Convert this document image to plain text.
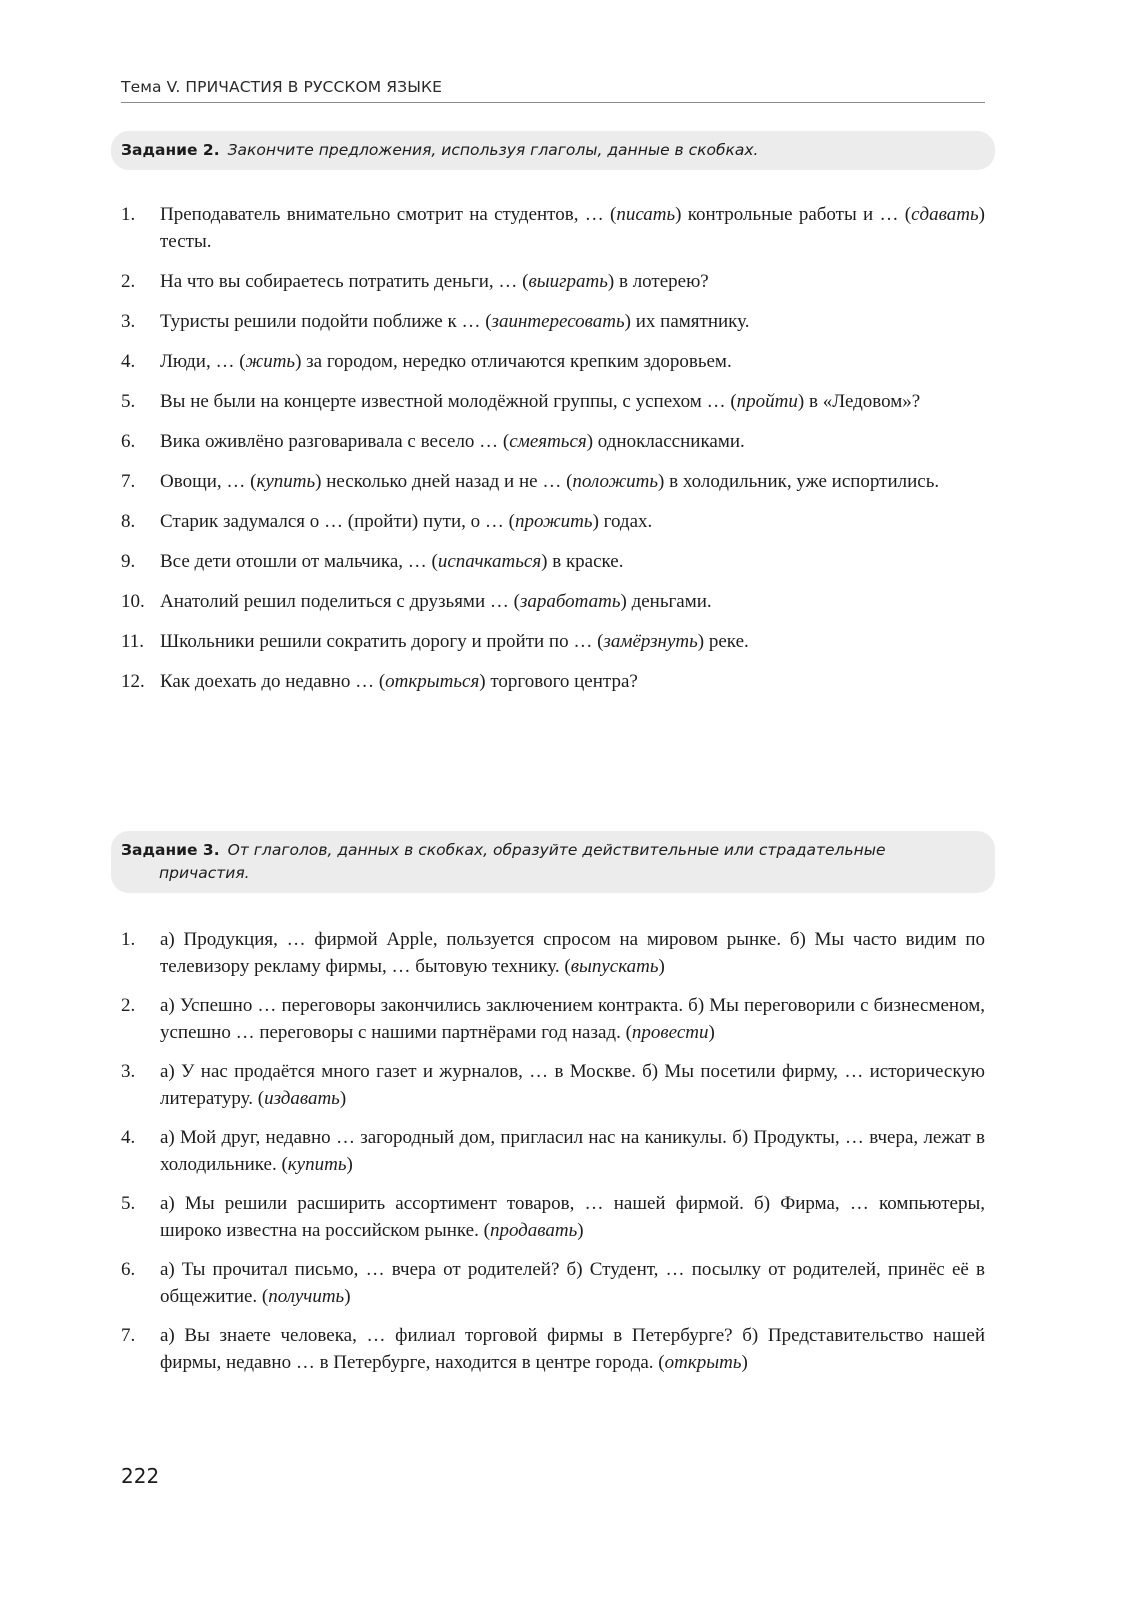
Тема V. ПРИЧАСТИЯ В РУССКОМ ЯЗЫКЕ
Задание 2. Закончите предложения, используя глаголы, данные в скобках.
1. Преподаватель внимательно смотрит на студентов, … (писать) контрольные работы и … (сдавать) тесты.
2. На что вы собираетесь потратить деньги, … (выиграть) в лотерею?
3. Туристы решили подойти поближе к … (заинтересовать) их памятнику.
4. Люди, … (жить) за городом, нередко отличаются крепким здоровьем.
5. Вы не были на концерте известной молодёжной группы, с успехом … (пройти) в «Ледовом»?
6. Вика оживлёно разговаривала с весело … (смеяться) одноклассниками.
7. Овощи, … (купить) несколько дней назад и не … (положить) в холодильник, уже испортились.
8. Старик задумался о … (пройти) пути, о … (прожить) годах.
9. Все дети отошли от мальчика, … (испачкаться) в краске.
10. Анатолий решил поделиться с друзьями … (заработать) деньгами.
11. Школьники решили сократить дорогу и пройти по … (замёрзнуть) реке.
12. Как доехать до недавно … (открыться) торгового центра?
Задание 3. От глаголов, данных в скобках, образуйте действительные или страдательные
причастия.
1. а) Продукция, … фирмой Apple, пользуется спросом на мировом рынке. б) Мы часто видим по телевизору рекламу фирмы, … бытовую технику. (выпускать)
2. а) Успешно … переговоры закончились заключением контракта. б) Мы переговорили с бизнесменом, успешно … переговоры с нашими партнёрами год назад. (провести)
3. а) У нас продаётся много газет и журналов, … в Москве. б) Мы посетили фирму, … историческую литературу. (издавать)
4. а) Мой друг, недавно … загородный дом, пригласил нас на каникулы. б) Продукты, … вчера, лежат в холодильнике. (купить)
5. а) Мы решили расширить ассортимент товаров, … нашей фирмой. б) Фирма, … компьютеры, широко известна на российском рынке. (продавать)
6. а) Ты прочитал письмо, … вчера от родителей? б) Студент, … посылку от родителей, принёс её в общежитие. (получить)
7. а) Вы знаете человека, … филиал торговой фирмы в Петербурге? б) Представительство нашей фирмы, недавно … в Петербурге, находится в центре города. (открыть)
222
